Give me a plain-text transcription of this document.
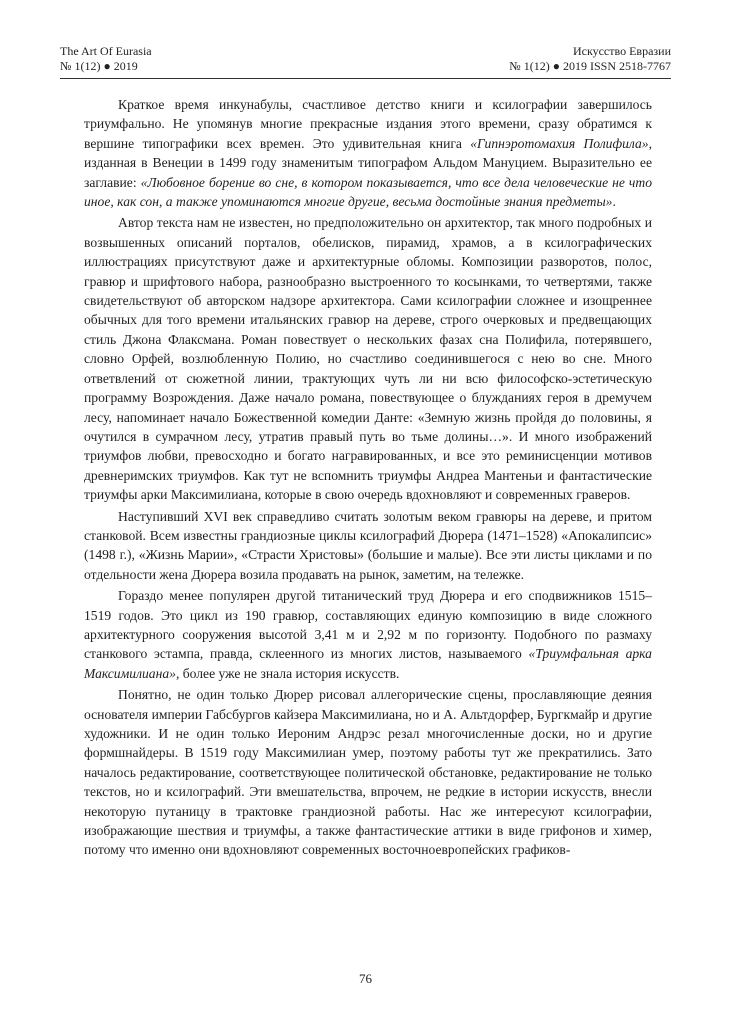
The Art Of Eurasia
№ 1(12) ● 2019
Искусство Евразии
№ 1(12) ● 2019 ISSN 2518-7767

Краткое время инкунабулы, счастливое детство книги и ксилографии завершилось триумфально. Не упомянув многие прекрасные издания этого времени, сразу обратимся к вершине типографики всех времен. Это удивительная книга «Гипнэротомахия Полифила», изданная в Венеции в 1499 году знаменитым типографом Альдом Мануцием. Выразительно ее заглавие: «Любовное борение во сне, в котором показывается, что все дела человеческие не что иное, как сон, а также упоминаются многие другие, весьма достойные знания предметы».

Автор текста нам не известен, но предположительно он архитектор, так много подробных и возвышенных описаний порталов, обелисков, пирамид, храмов, а в ксилографических иллюстрациях присутствуют даже и архитектурные обломы. Композиции разворотов, полос, гравюр и шрифтового набора, разнообразно выстроенного то косынками, то четвертями, также свидетельствуют об авторском надзоре архитектора. Сами ксилографии сложнее и изощреннее обычных для того времени итальянских гравюр на дереве, строго очерковых и предвещающих стиль Джона Флаксмана. Роман повествует о нескольких фазах сна Полифила, потерявшего, словно Орфей, возлюбленную Полию, но счастливо соединившегося с нею во сне. Много ответвлений от сюжетной линии, трактующих чуть ли ни всю философско-эстетическую программу Возрождения. Даже начало романа, повествующее о блужданиях героя в дремучем лесу, напоминает начало Божественной комедии Данте: «Земную жизнь пройдя до половины, я очутился в сумрачном лесу, утратив правый путь во тьме долины…». И много изображений триумфов любви, превосходно и богато награвированных, и все это реминисценции мотивов древнеримских триумфов. Как тут не вспомнить триумфы Андреа Мантеньи и фантастические триумфы арки Максимилиана, которые в свою очередь вдохновляют и современных граверов.

Наступивший XVI век справедливо считать золотым веком гравюры на дереве, и притом станковой. Всем известны грандиозные циклы ксилографий Дюрера (1471–1528) «Апокалипсис» (1498 г.), «Жизнь Марии», «Страсти Христовы» (большие и малые). Все эти листы циклами и по отдельности жена Дюрера возила продавать на рынок, заметим, на тележке.

Гораздо менее популярен другой титанический труд Дюрера и его сподвижников 1515–1519 годов. Это цикл из 190 гравюр, составляющих единую композицию в виде сложного архитектурного сооружения высотой 3,41 м и 2,92 м по горизонту. Подобного по размаху станкового эстампа, правда, склеенного из многих листов, называемого «Триумфальная арка Максимилиана», более уже не знала история искусств.

Понятно, не один только Дюрер рисовал аллегорические сцены, прославляющие деяния основателя империи Габсбургов кайзера Максимилиана, но и А. Альтдорфер, Бургкмайр и другие художники. И не один только Иероним Андрэс резал многочисленные доски, но и другие формшнайдеры. В 1519 году Максимилиан умер, поэтому работы тут же прекратились. Зато началось редактирование, соответствующее политической обстановке, редактирование не только текстов, но и ксилографий. Эти вмешательства, впрочем, не редкие в истории искусств, внесли некоторую путаницу в трактовке грандиозной работы. Нас же интересуют ксилографии, изображающие шествия и триумфы, а также фантастические аттики в виде грифонов и химер, потому что именно они вдохновляют современных восточноевропейских графиков-

76
